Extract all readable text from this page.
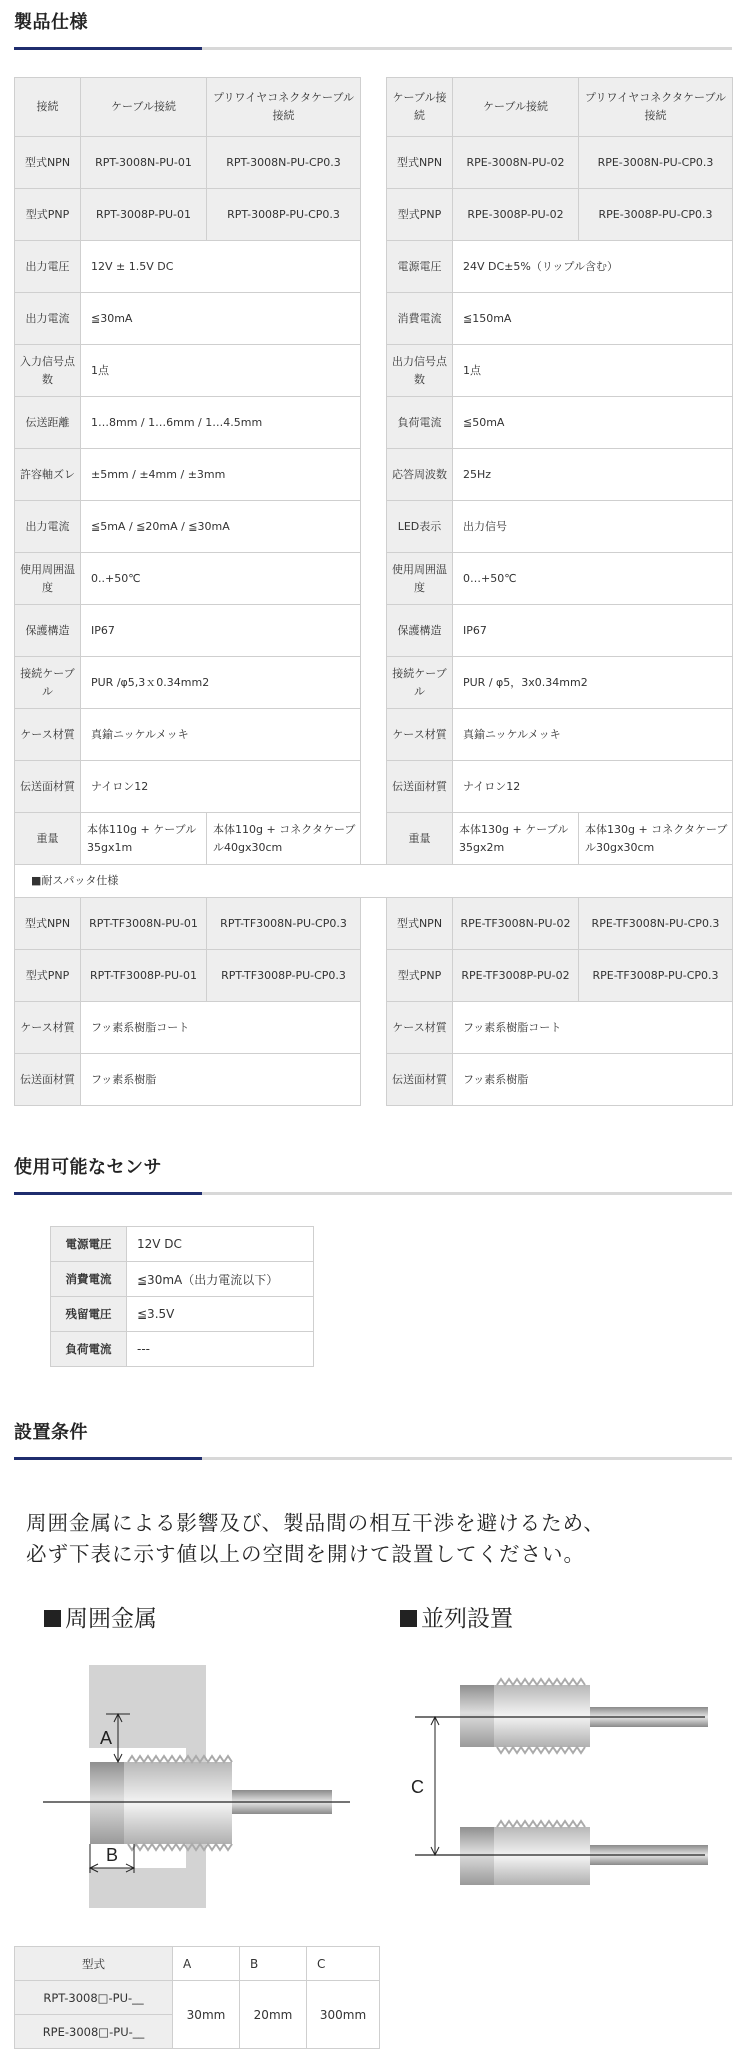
製品仕様
接続	ケーブル接続	プリワイヤコネクタケーブル接続		ケーブル接続	ケーブル接続	プリワイヤコネクタケーブル接続
型式NPN	RPT-3008N-PU-01	RPT-3008N-PU-CP0.3		型式NPN	RPE-3008N-PU-02	RPE-3008N-PU-CP0.3
型式PNP	RPT-3008P-PU-01	RPT-3008P-PU-CP0.3		型式PNP	RPE-3008P-PU-02	RPE-3008P-PU-CP0.3
出力電圧	12V ± 1.5V DC			電源電圧	24V DC±5%（リップル含む）	
出力電流	≦30mA			消費電流	≦150mA	
入力信号点数	1点			出力信号点数	1点	
伝送距離	1…8mm / 1…6mm / 1…4.5mm			負荷電流	≦50mA	
許容軸ズレ	±5mm / ±4mm / ±3mm			応答周波数	25Hz	
出力電流	≦5mA / ≦20mA / ≦30mA			LED表示	出力信号	
使用周囲温度	0..+50℃			使用周囲温度	0…+50℃	
保護構造	IP67			保護構造	IP67	
接続ケーブル	PUR /φ5,3ｘ0.34mm2			接続ケーブル	PUR / φ5，3x0.34mm2	
ケース材質	真鍮ニッケルメッキ			ケース材質	真鍮ニッケルメッキ	
伝送面材質	ナイロン12			伝送面材質	ナイロン12	
重量	本体110g + ケーブル35gx1m	本体110g + コネクタケーブル40gx30cm		重量	本体130g + ケーブル35gx2m	本体130g + コネクタケーブル30gx30cm
■耐スパッタ仕様						
型式NPN	RPT-TF3008N-PU-01	RPT-TF3008N-PU-CP0.3		型式NPN	RPE-TF3008N-PU-02	RPE-TF3008N-PU-CP0.3
型式PNP	RPT-TF3008P-PU-01	RPT-TF3008P-PU-CP0.3		型式PNP	RPE-TF3008P-PU-02	RPE-TF3008P-PU-CP0.3
ケース材質	フッ素系樹脂コート			ケース材質	フッ素系樹脂コート	
伝送面材質	フッ素系樹脂			伝送面材質	フッ素系樹脂	
使用可能なセンサ
電源電圧	12V DC
消費電流	≦30mA（出力電流以下）
残留電圧	≦3.5V
負荷電流	---
設置条件
周囲金属による影響及び、製品間の相互干渉を避けるため、
必ず下表に示す値以上の空間を開けて設置してください。
周囲金属	並列設置
A
B
C
型式	A	B	C
RPT-3008□-PU-__	30mm	20mm	300mm
RPE-3008□-PU-__			
